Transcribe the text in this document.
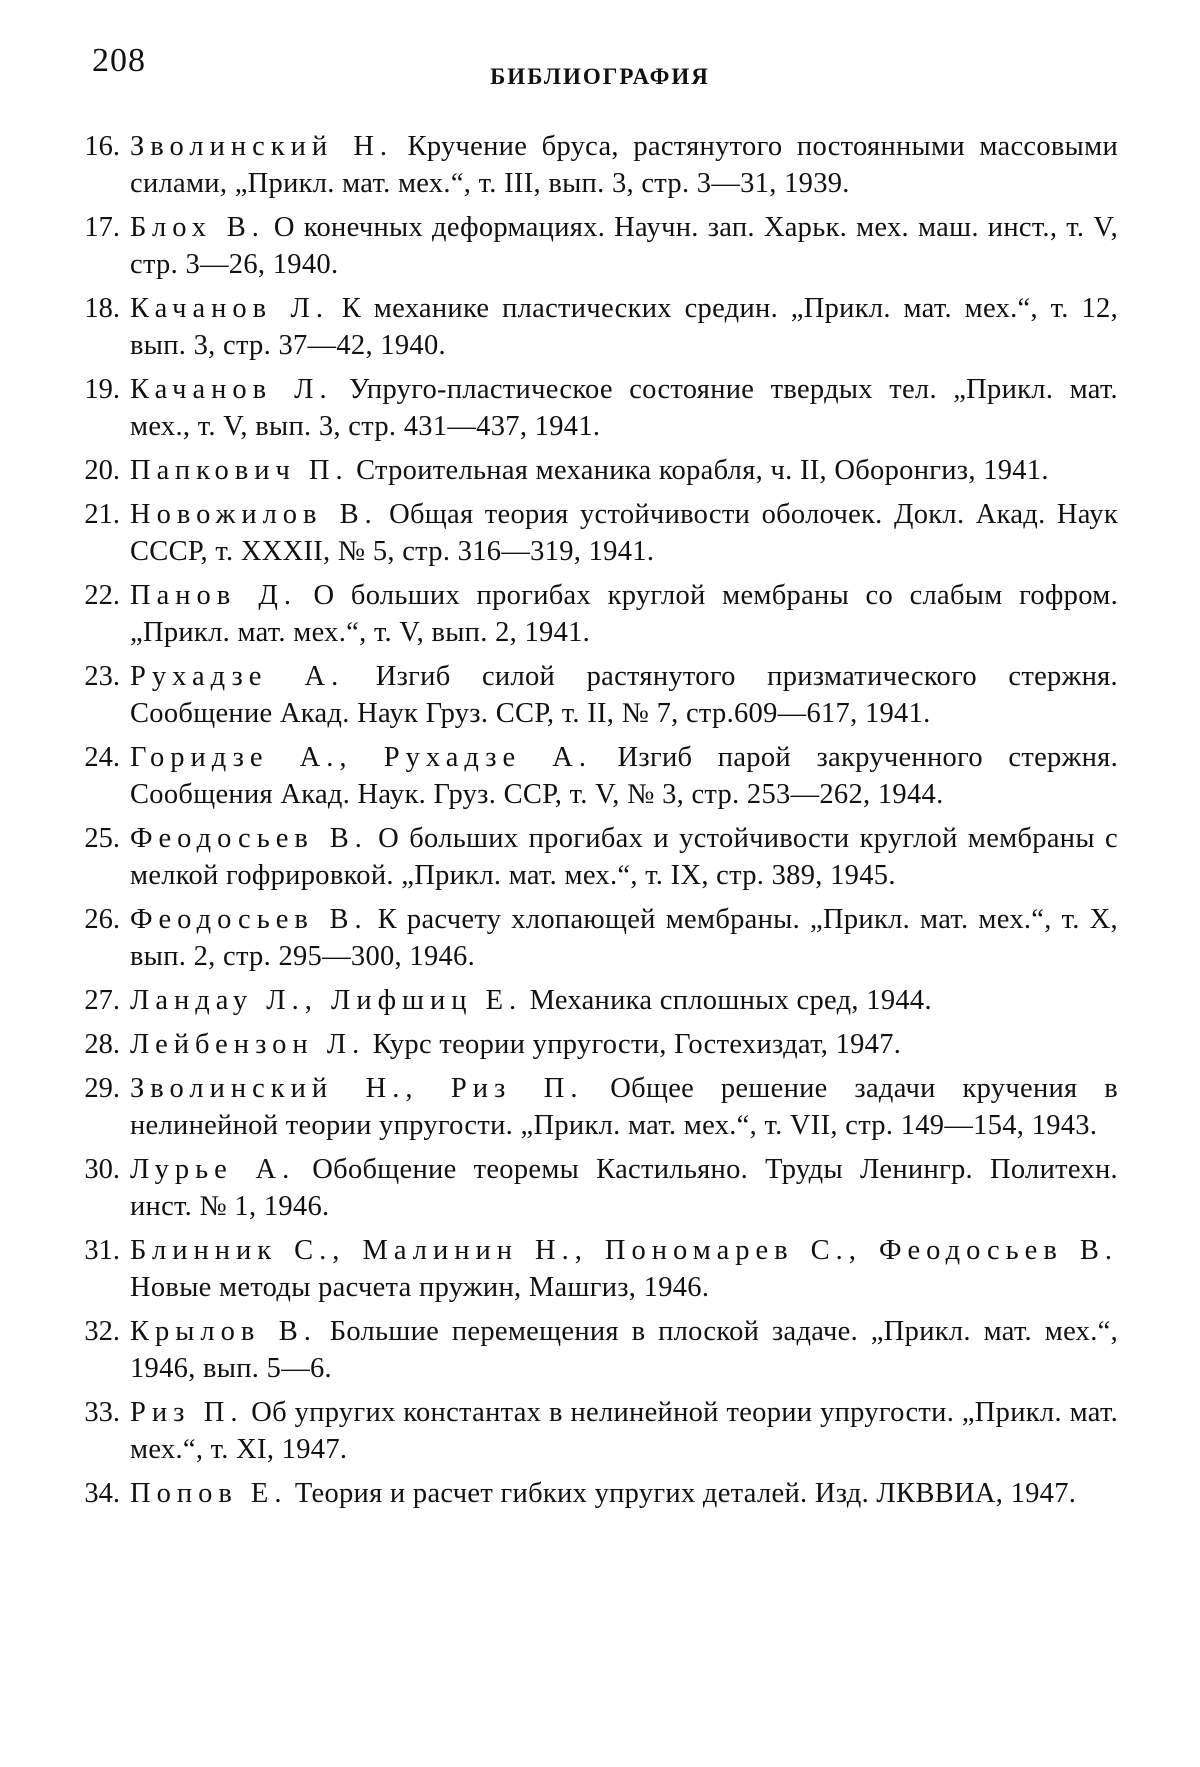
208	БИБЛИОГРАФИЯ
16. Зволинский Н. Кручение бруса, растянутого постоянными массовыми силами, „Прикл. мат. мех.“, т. III, вып. 3, стр. 3—31, 1939.
17. Блох В. О конечных деформациях. Научн. зап. Харьк. мех. маш. инст., т. V, стр. 3—26, 1940.
18. Качанов Л. К механике пластических средин. „Прикл. мат. мех.“, т. 12, вып. 3, стр. 37—42, 1940.
19. Качанов Л. Упруго-пластическое состояние твердых тел. „Прикл. мат. мех., т. V, вып. 3, стр. 431—437, 1941.
20. Папкович П. Строительная механика корабля, ч. II, Оборонгиз, 1941.
21. Новожилов В. Общая теория устойчивости оболочек. Докл. Акад. Наук СССР, т. XXXII, № 5, стр. 316—319, 1941.
22. Панов Д. О больших прогибах круглой мембраны со слабым гофром. „Прикл. мат. мех.“, т. V, вып. 2, 1941.
23. Рухадзе А. Изгиб силой растянутого призматического стержня. Сообщение Акад. Наук Груз. ССР, т. II, № 7, стр.609—617, 1941.
24. Горидзе А., Рухадзе А. Изгиб парой закрученного стержня. Сообщения Акад. Наук. Груз. ССР, т. V, № 3, стр. 253—262, 1944.
25. Феодосьев В. О больших прогибах и устойчивости круглой мембраны с мелкой гофрировкой. „Прикл. мат. мех.“, т. IX, стр. 389, 1945.
26. Феодосьев В. К расчету хлопающей мембраны. „Прикл. мат. мех.“, т. X, вып. 2, стр. 295—300, 1946.
27. Ландау Л., Лифшиц Е. Механика сплошных сред, 1944.
28. Лейбензон Л. Курс теории упругости, Гостехиздат, 1947.
29. Зволинский Н., Риз П. Общее решение задачи кручения в нелинейной теории упругости. „Прикл. мат. мех.“, т. VII, стр. 149—154, 1943.
30. Лурье А. Обобщение теоремы Кастильяно. Труды Ленингр. Политехн. инст. № 1, 1946.
31. Блинник С., Малинин Н., Пономарев С., Феодосьев В. Новые методы расчета пружин, Машгиз, 1946.
32. Крылов В. Большие перемещения в плоской задаче. „Прикл. мат. мех.“, 1946, вып. 5—6.
33. Риз П. Об упругих константах в нелинейной теории упругости. „Прикл. мат. мех.“, т. XI, 1947.
34. Попов Е. Теория и расчет гибких упругих деталей. Изд. ЛКВВИА, 1947.
